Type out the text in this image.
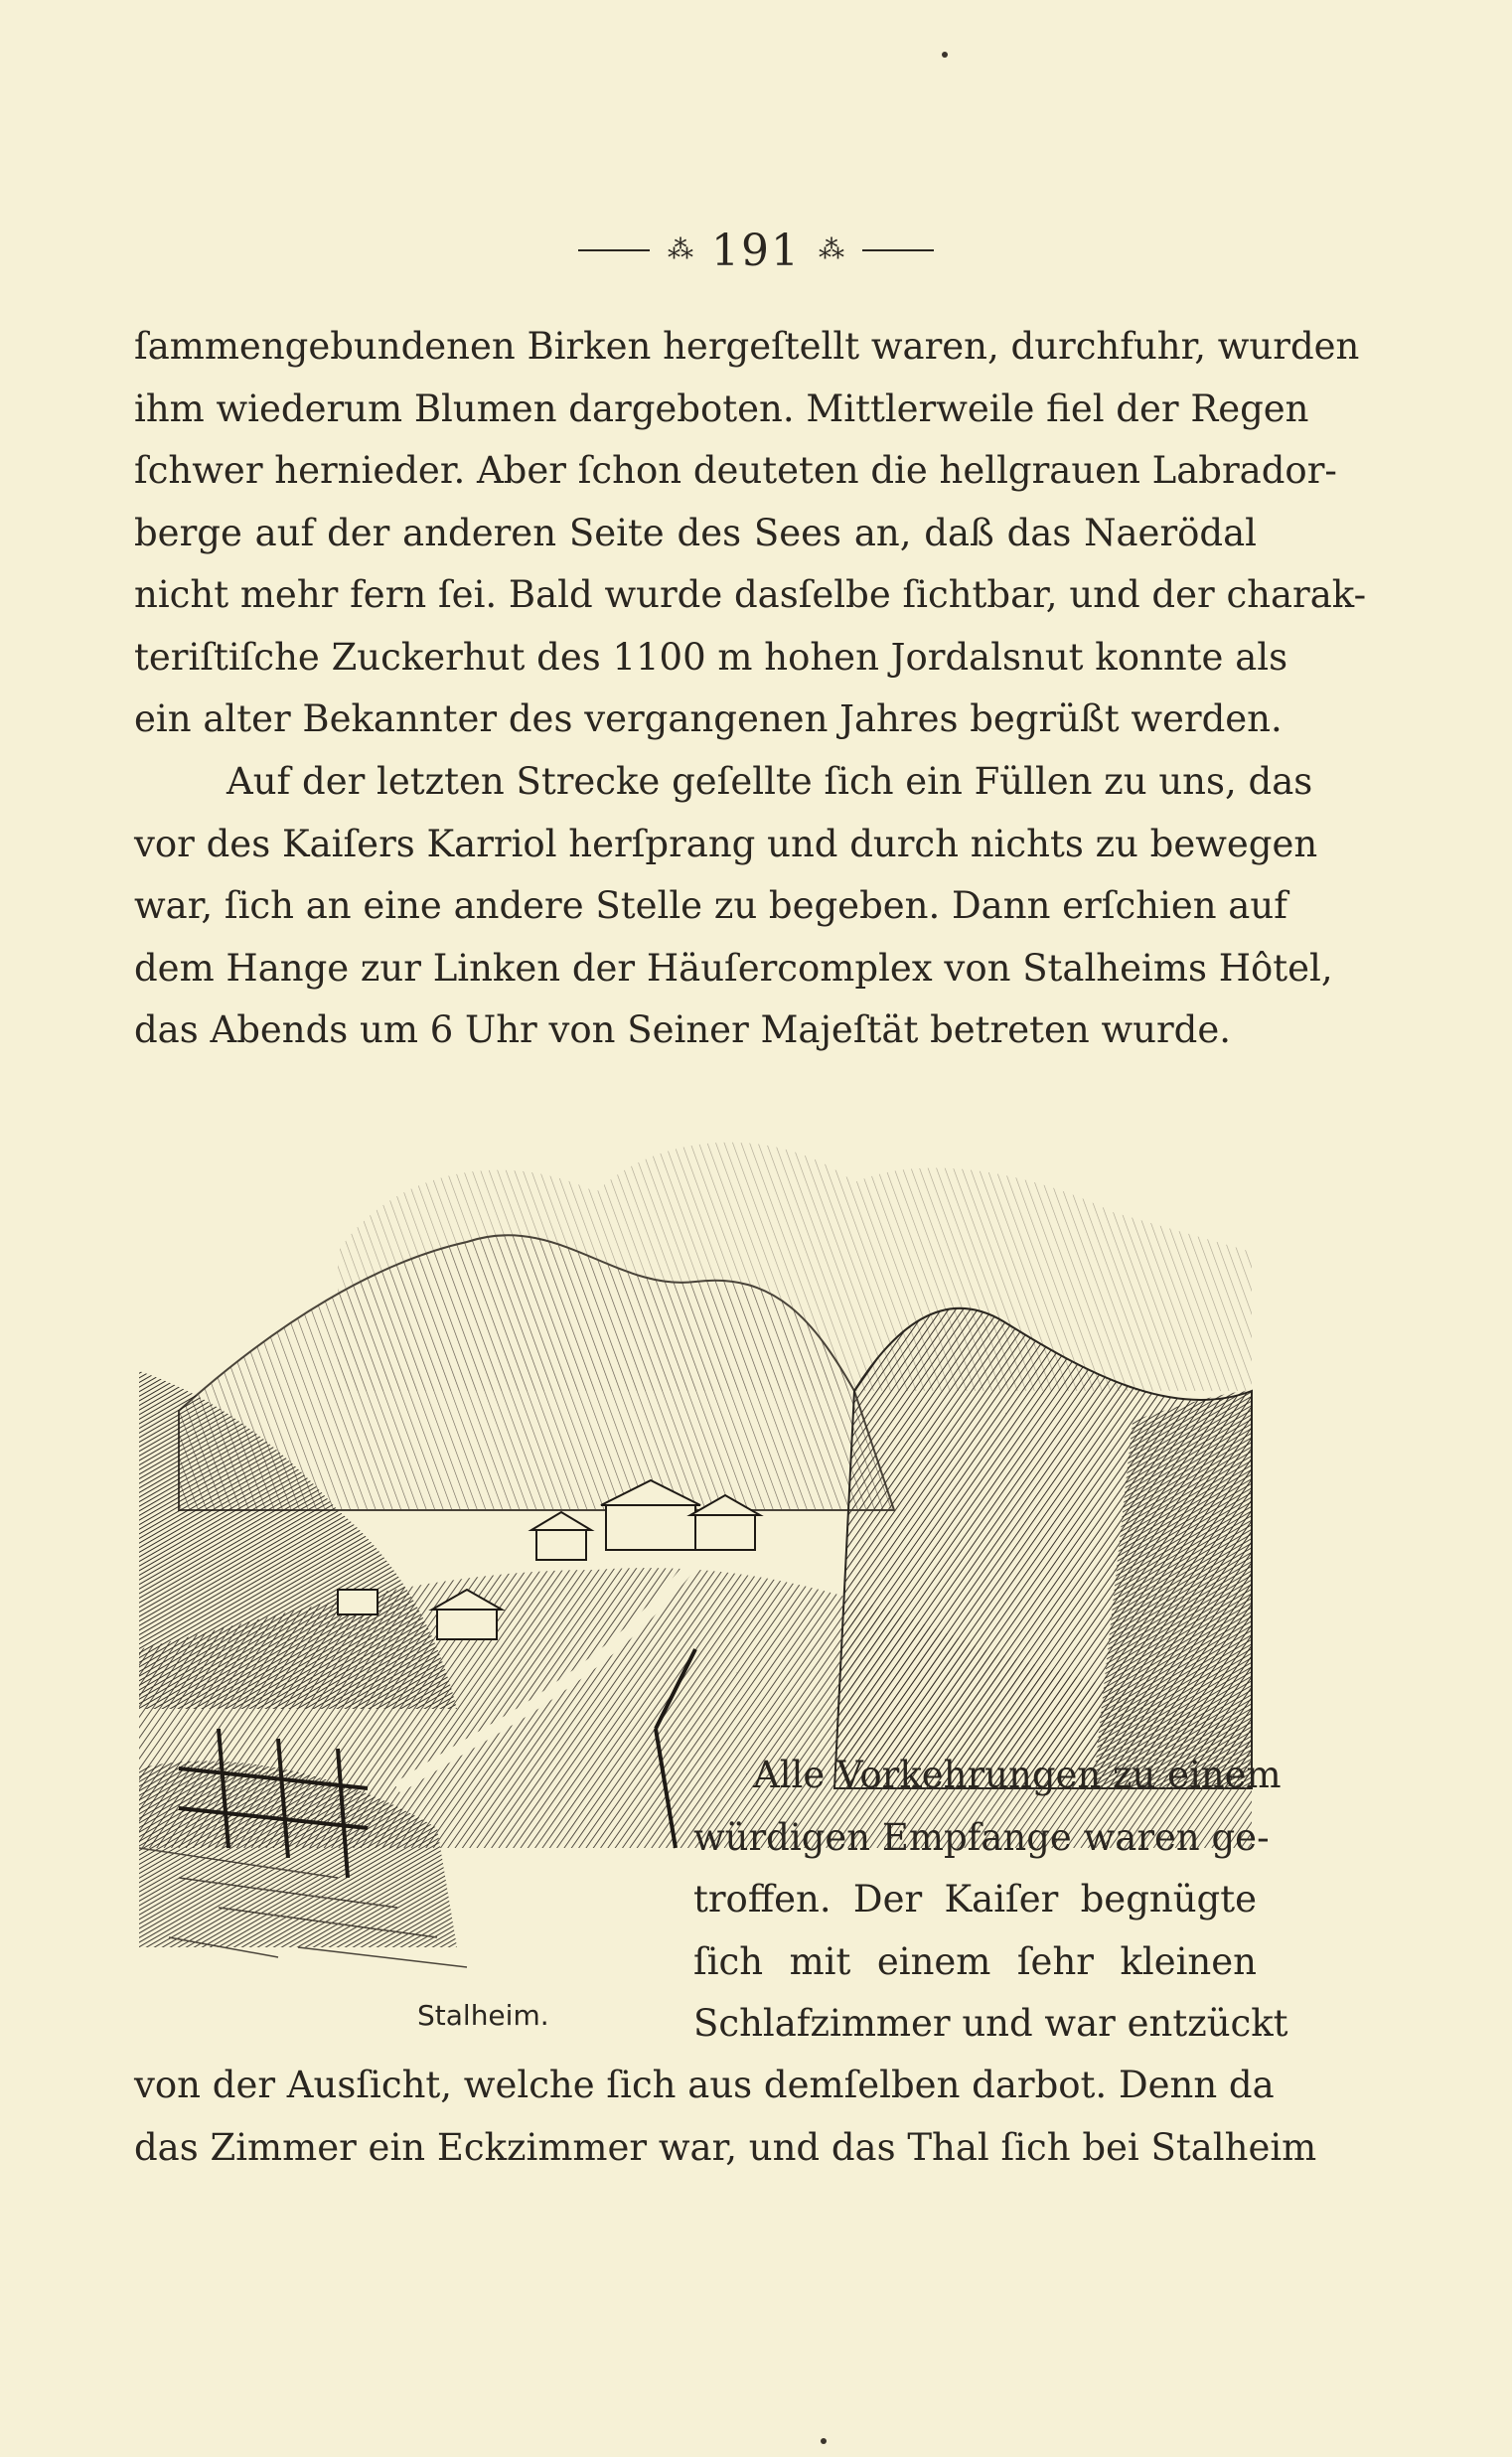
⁂ 191 ⁂

ſammengebundenen Birken hergeſtellt waren, durchfuhr, wurden
ihm wiederum Blumen dargeboten. Mittlerweile fiel der Regen
ſchwer hernieder. Aber ſchon deuteten die hellgrauen Labrador-
berge auf der anderen Seite des Sees an, daß das Naerödal
nicht mehr fern ſei. Bald wurde dasſelbe ſichtbar, und der charak-
teriſtiſche Zuckerhut des 1100 m hohen Jordalsnut konnte als
ein alter Bekannter des vergangenen Jahres begrüßt werden.

Auf der letzten Strecke geſellte ſich ein Füllen zu uns, das
vor des Kaiſers Karriol herſprang und durch nichts zu bewegen
war, ſich an eine andere Stelle zu begeben. Dann erſchien auf
dem Hange zur Linken der Häuſercomplex von Stalheims Hôtel,
das Abends um 6 Uhr von Seiner Majeſtät betreten wurde.

Stalheim.

Alle Vorkehrungen zu einem
würdigen Empfange waren ge-
troffen. Der Kaiſer begnügte
ſich mit einem ſehr kleinen
Schlafzimmer und war entzückt

von der Ausſicht, welche ſich aus demſelben darbot. Denn da
das Zimmer ein Eckzimmer war, und das Thal ſich bei Stalheim
